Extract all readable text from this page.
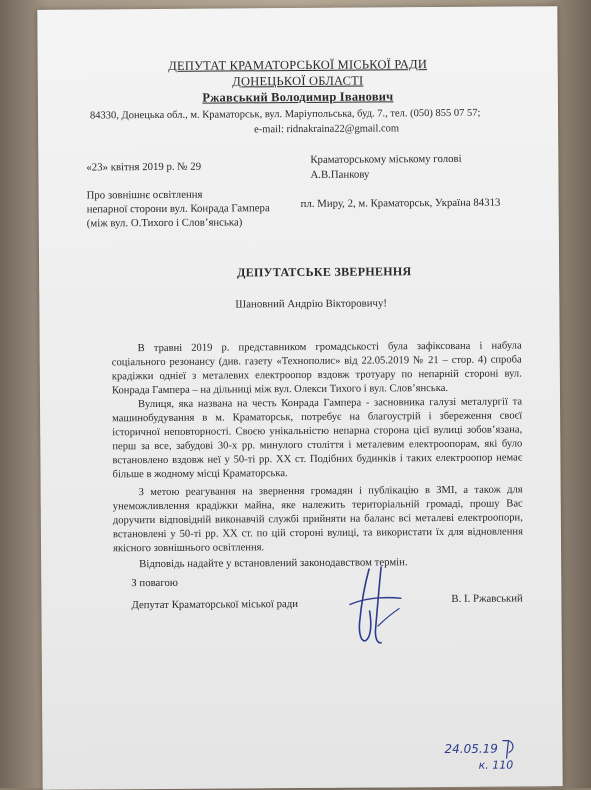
ДЕПУТАТ КРАМАТОРСЬКОЇ МІСЬКОЇ РАДИ
ДОНЕЦЬКОЇ ОБЛАСТІ
Ржавський Володимир Іванович
84330, Донецька обл., м. Краматорськ, вул. Маріупольська, буд. 7., тел. (050) 855 07 57;
e-mail: ridnakraina22@gmail.com
«23» квітня 2019 р. № 29
Краматорському міському голові
А.В.Панкову
Про зовнішнє освітлення
непарної сторони вул. Конрада Гампера
(між вул. О.Тихого і Слов’янська)
пл. Миру, 2, м. Краматорськ, Україна 84313
ДЕПУТАТСЬКЕ ЗВЕРНЕННЯ
Шановний Андрію Вікторовичу!
В травні 2019 р. представником громадськості була зафіксована і набула
соціального резонансу (див. газету «Технополис» від 22.05.2019 № 21 – стор. 4) спроба
крадіжки одніеї з металевих електроопор вздовж тротуару по непарній стороні вул.
Конрада Гампера – на дільниці між вул. Олекси Тихого і вул. Слов’янська.
Вулиця, яка названа на честь Конрада Гампера - засновника галузі металургії та
машинобудування в м. Краматорськ, потребує на благоустрій і збереження своєї
історичної неповторності. Своєю унікальністю непарна сторона цієї вулиці зобов’язана,
перш за все, забудові 30-х рр. минулого століття і металевим електроопорам, які було
встановлено вздовж неї у 50-ті рр. ХХ ст. Подібних будинків і таких електроопор немає
більше в жодному місці Краматорська.
З метою реагування на звернення громадян і публікацію в ЗМІ, а також для
унеможливлення крадіжки майна, яке належить територіальній громаді, прошу Вас
доручити відповідній виконавчій службі прийняти на баланс всі металеві електроопори,
встановлені у 50-ті рр. ХХ ст. по цій стороні вулиці, та використати їх для відновлення
якісного зовнішнього освітлення.
Відповідь надайте у встановлений законодавством термін.
З повагою
Депутат Краматорської міської ради	В. І. Ржавський
24.05.19
к. 110
